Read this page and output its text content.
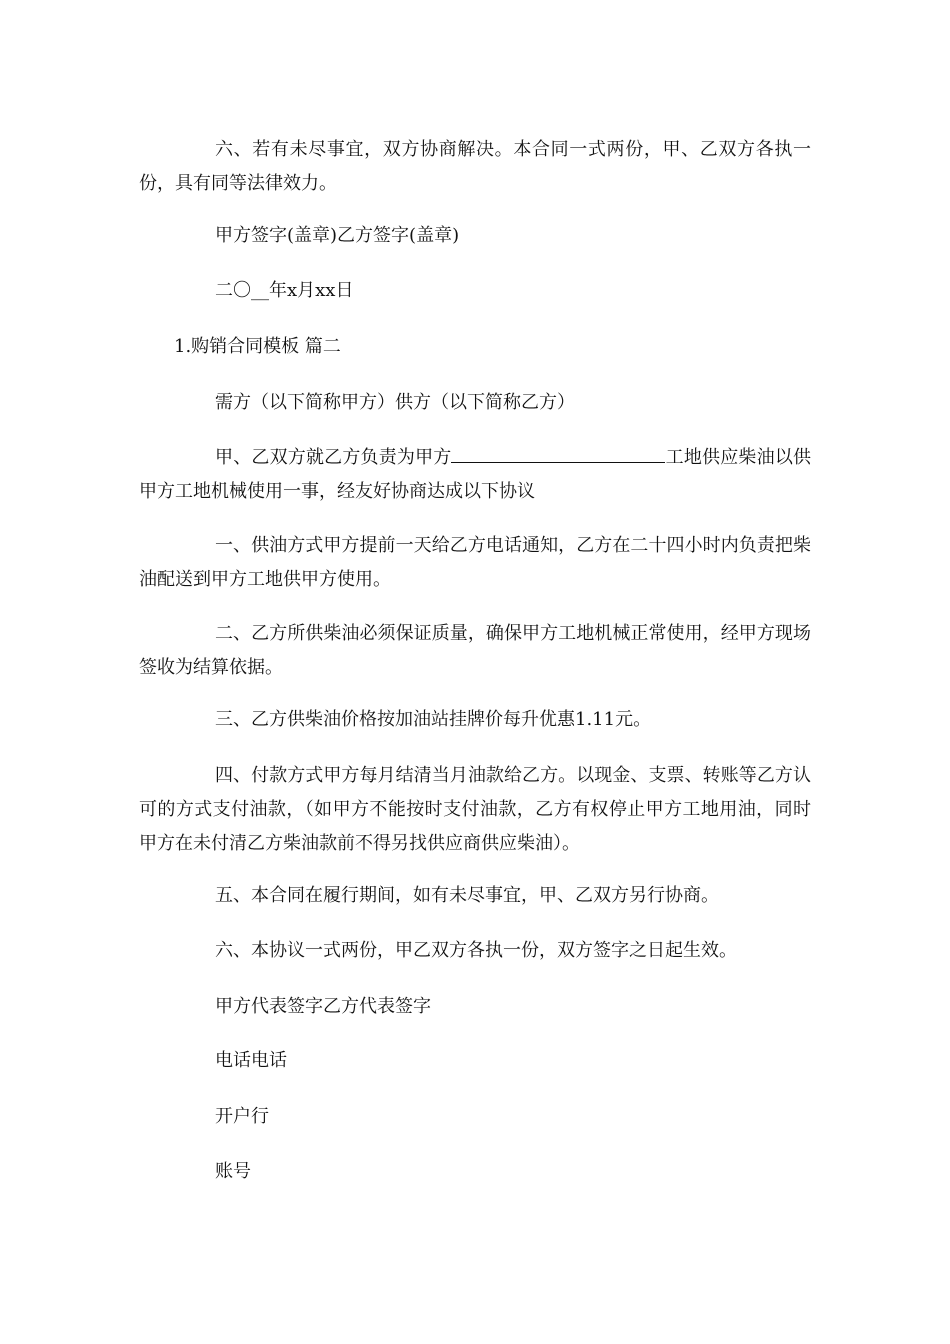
六、若有未尽事宜，双方协商解决。本合同一式两份，甲、乙双方各执一份，具有同等法律效力。

甲方签字(盖章)乙方签字(盖章)

二〇__年x月xx日

1.购销合同模板 篇二

需方（以下简称甲方）供方（以下简称乙方）

甲、乙双方就乙方负责为甲方	工地供应柴油以供甲方工地机械使用一事，经友好协商达成以下协议

一、供油方式甲方提前一天给乙方电话通知，乙方在二十四小时内负责把柴油配送到甲方工地供甲方使用。

二、乙方所供柴油必须保证质量，确保甲方工地机械正常使用，经甲方现场签收为结算依据。

三、乙方供柴油价格按加油站挂牌价每升优惠1.11元。

四、付款方式甲方每月结清当月油款给乙方。以现金、支票、转账等乙方认可的方式支付油款，（如甲方不能按时支付油款，乙方有权停止甲方工地用油，同时甲方在未付清乙方柴油款前不得另找供应商供应柴油）。

五、本合同在履行期间，如有未尽事宜，甲、乙双方另行协商。

六、本协议一式两份，甲乙双方各执一份，双方签字之日起生效。

甲方代表签字乙方代表签字

电话电话

开户行

账号
